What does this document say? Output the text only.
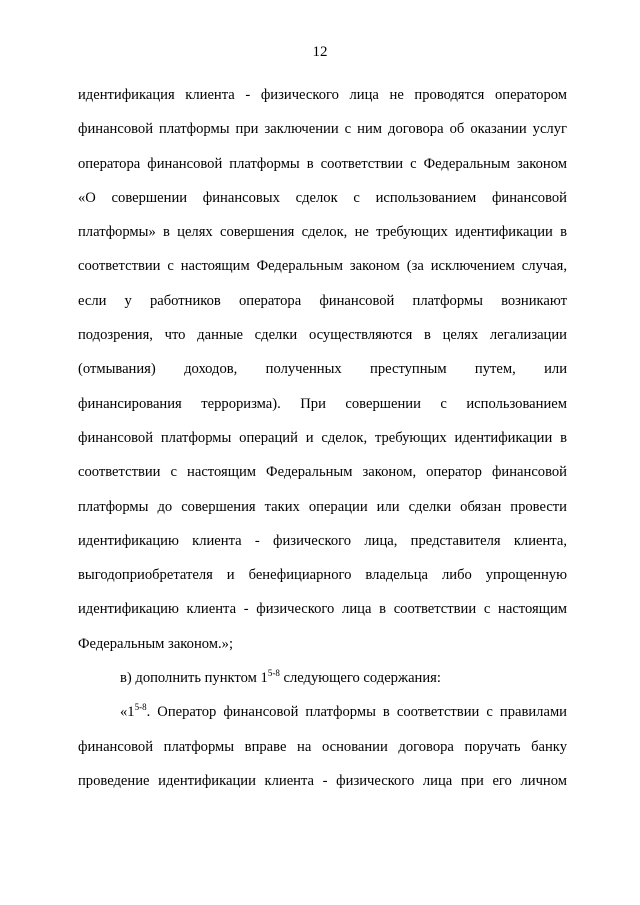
12
идентификация клиента - физического лица не проводятся оператором
финансовой платформы при заключении с ним договора об оказании услуг
оператора финансовой платформы в соответствии с Федеральным законом
«О совершении финансовых сделок с использованием финансовой
платформы» в целях совершения сделок, не требующих идентификации в
соответствии с настоящим Федеральным законом (за исключением случая,
если у работников оператора финансовой платформы возникают
подозрения, что данные сделки осуществляются в целях легализации
(отмывания) доходов, полученных преступным путем, или
финансирования терроризма). При совершении с использованием
финансовой платформы операций и сделок, требующих идентификации в
соответствии с настоящим Федеральным законом, оператор финансовой
платформы до совершения таких операции или сделки обязан провести
идентификацию клиента - физического лица, представителя клиента,
выгодоприобретателя и бенефициарного владельца либо упрощенную
идентификацию клиента - физического лица в соответствии с настоящим
Федеральным законом.»;
в) дополнить пунктом 1$^{5-8}$ следующего содержания:
«1$^{5-8}$. Оператор финансовой платформы в соответствии с правилами
финансовой платформы вправе на основании договора поручать банку
проведение идентификации клиента - физического лица при его личном
